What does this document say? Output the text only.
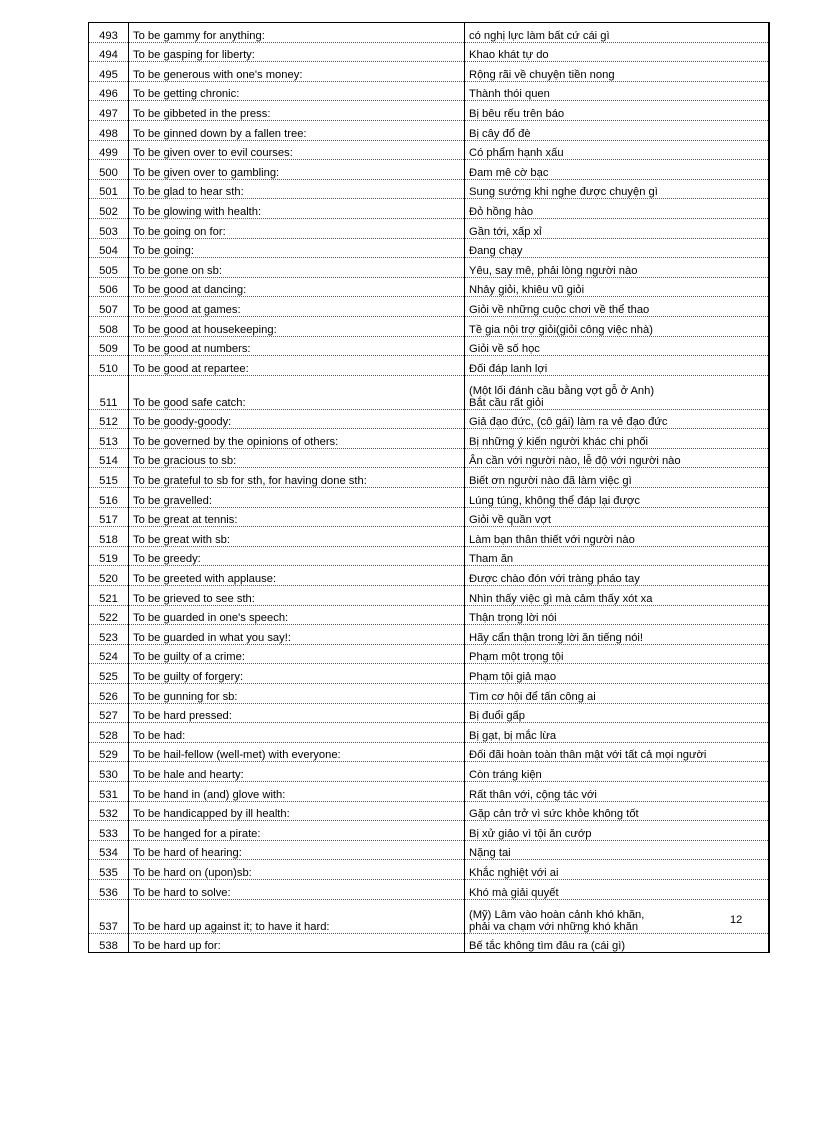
493	To be gammy for anything:	có nghị lực làm bất cứ cái gì
494	To be gasping for liberty:	Khao khát tự do
495	To be generous with one's money:	Rộng rãi về chuyện tiền nong
496	To be getting chronic:	Thành thói quen
497	To be gibbeted in the press:	Bị bêu rếu trên báo
498	To be ginned down by a fallen tree:	Bị cây đổ đè
499	To be given over to evil courses:	Có phẩm hạnh xấu
500	To be given over to gambling:	Đam mê cờ bạc
501	To be glad to hear sth:	Sung sướng khi nghe được chuyện gì
502	To be glowing with health:	Đỏ hồng hào
503	To be going on for:	Gần tới, xấp xỉ
504	To be going:	Đang chạy
505	To be gone on sb:	Yêu, say mê, phải lòng người nào
506	To be good at dancing:	Nhảy giỏi, khiêu vũ giỏi
507	To be good at games:	Giỏi về những cuộc chơi về thể thao
508	To be good at housekeeping:	Tề gia nội trợ giỏi(giỏi công việc nhà)
509	To be good at numbers:	Giỏi về số học
510	To be good at repartee:	Đối đáp lanh lợi
511	To be good safe catch:	(Một lối đánh cầu bằng vợt gỗ ở Anh)
Bắt cầu rất giỏi
512	To be goody-goody:	Giả đạo đức, (cô gái) làm ra vẻ đạo đức
513	To be governed by the opinions of others:	Bị những ý kiến người khác chi phối
514	To be gracious to sb:	Ân cần với người nào, lễ độ với người nào
515	To be grateful to sb for sth, for having done sth:	Biết ơn người nào đã làm việc gì
516	To be gravelled:	Lúng túng, không thể đáp lại được
517	To be great at tennis:	Giỏi về quần vợt
518	To be great with sb:	Làm bạn thân thiết với người nào
519	To be greedy:	Tham ăn
520	To be greeted with applause:	Được chào đón với tràng pháo tay
521	To be grieved to see sth:	Nhìn thấy việc gì mà cảm thấy xót xa
522	To be guarded in one's speech:	Thận trọng lời nói
523	To be guarded in what you say!:	Hãy cẩn thận trong lời ăn tiếng nói!
524	To be guilty of a crime:	Phạm một trọng tội
525	To be guilty of forgery:	Phạm tội giả mạo
526	To be gunning for sb:	Tìm cơ hội để tấn công ai
527	To be hard pressed:	Bị đuổi gấp
528	To be had:	Bị gạt, bị mắc lừa
529	To be hail-fellow (well-met) with everyone:	Đối đãi hoàn toàn thân mật với tất cả mọi người
530	To be hale and hearty:	Còn tráng kiện
531	To be hand in (and) glove with:	Rất thân với, cộng tác với
532	To be handicapped by ill health:	Gặp cản trở vì sức khỏe không tốt
533	To be hanged for a pirate:	Bị xử giảo vì tội ăn cướp
534	To be hard of hearing:	Nặng tai
535	To be hard on (upon)sb:	Khắc nghiệt với ai
536	To be hard to solve:	Khó mà giải quyết
537	To be hard up against it; to have it hard:	(Mỹ) Lâm vào hoàn cảnh khó khăn,
phải va chạm với những khó khăn
538	To be hard up for:	Bế tắc không tìm đâu ra (cái gì)
12
